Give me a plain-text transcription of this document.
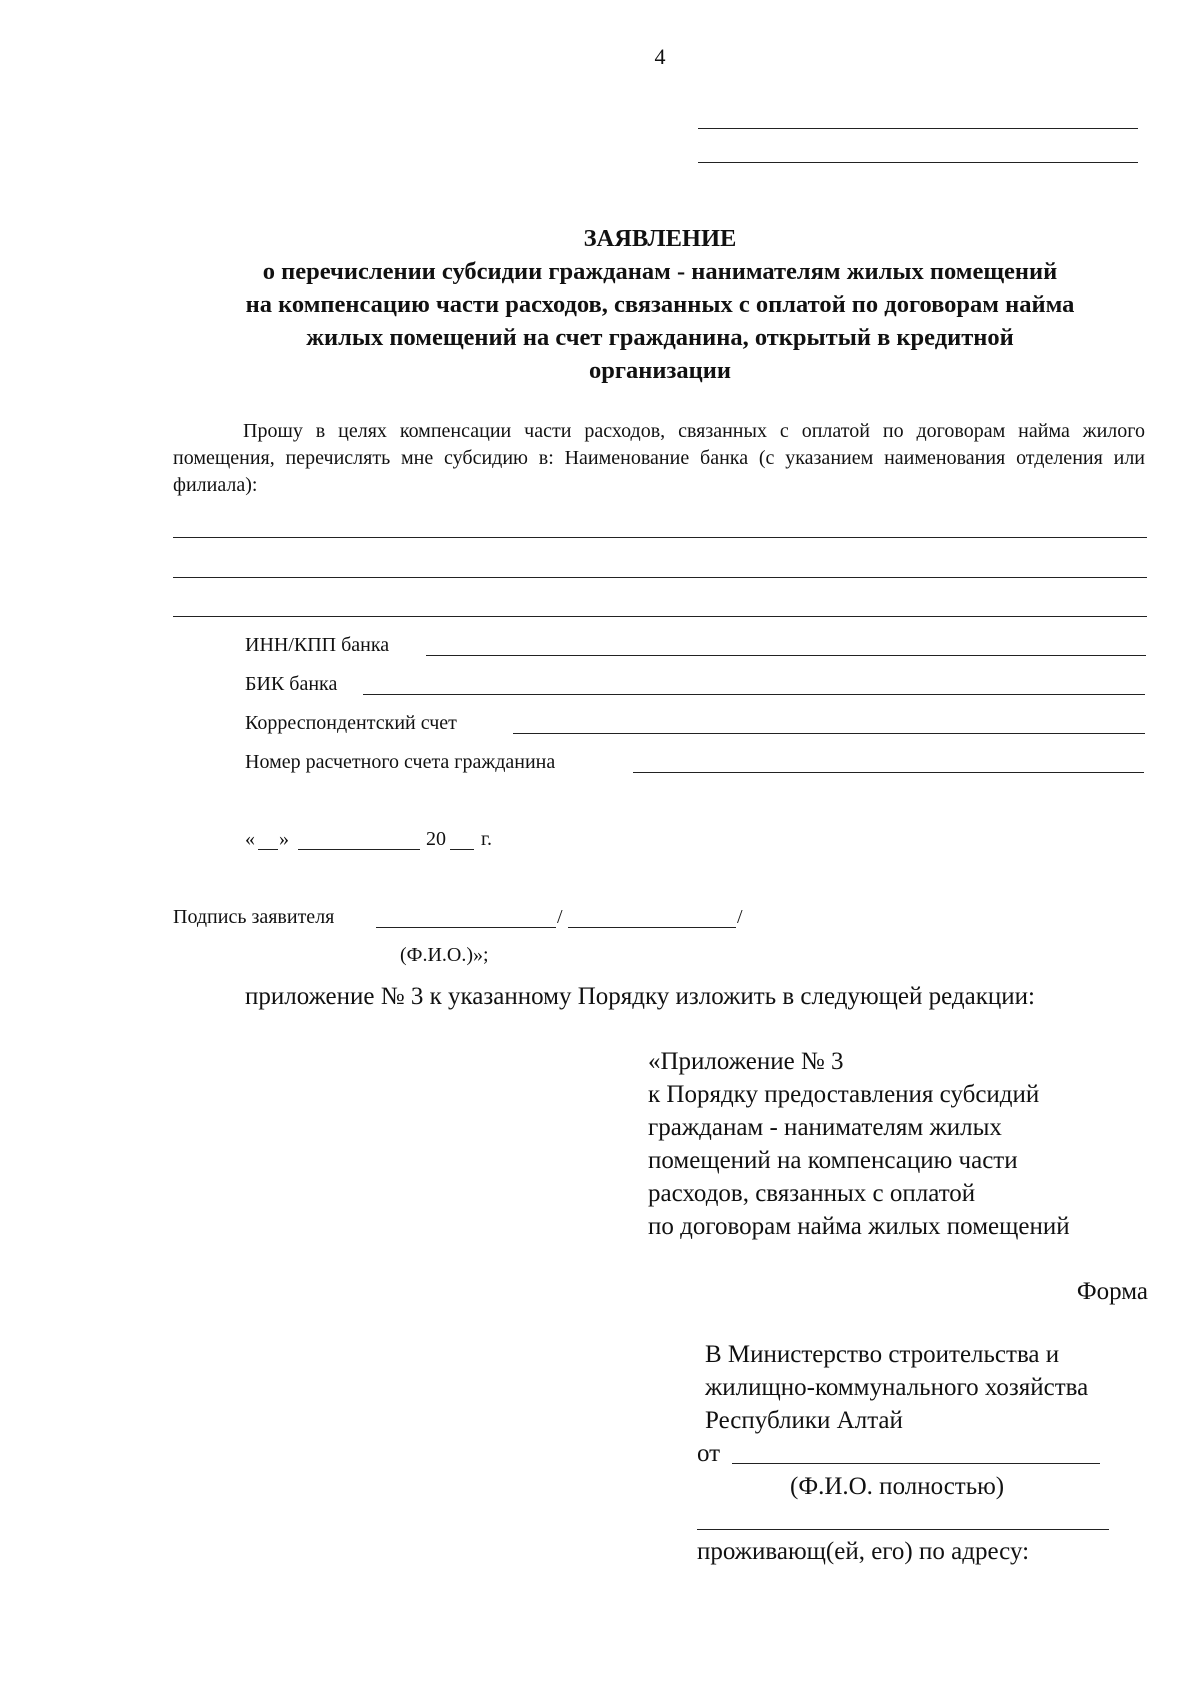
4
ЗАЯВЛЕНИЕ
о перечислении субсидии гражданам - нанимателям жилых помещений
на компенсацию части расходов, связанных с оплатой по договорам найма
жилых помещений на счет гражданина, открытый в кредитной
организации
Прошу в целях компенсации части расходов, связанных с оплатой по договорам найма жилого помещения, перечислять мне субсидию в: Наименование банка (с указанием наименования отделения или филиала):
ИНН/КПП банка
БИК банка
Корреспондентский счет
Номер расчетного счета гражданина
« »	20 г.
Подпись заявителя	/	/
(Ф.И.О.)»;
приложение № 3 к указанному Порядку изложить в следующей редакции:
«Приложение № 3
к Порядку предоставления субсидий
гражданам - нанимателям жилых
помещений на компенсацию части
расходов, связанных с оплатой
по договорам найма жилых помещений
Форма
В Министерство строительства и
жилищно-коммунального хозяйства
Республики Алтай
от
(Ф.И.О. полностью)
проживающ(ей, его) по адресу:
